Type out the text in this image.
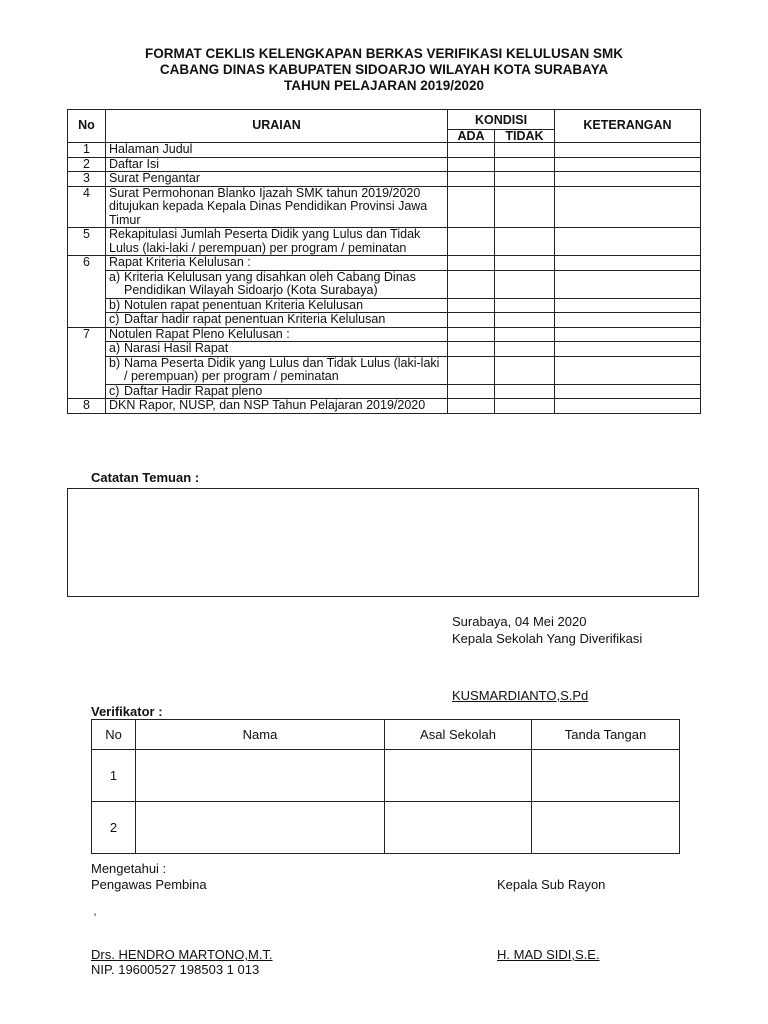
FORMAT CEKLIS KELENGKAPAN BERKAS VERIFIKASI KELULUSAN SMK
CABANG DINAS KABUPATEN SIDOARJO WILAYAH KOTA SURABAYA
TAHUN PELAJARAN 2019/2020
No	URAIAN	KONDISI		KETERANGAN
		ADA	TIDAK	
1	Halaman Judul			
2	Daftar Isi			
3	Surat Pengantar			
4	Surat Permohonan Blanko Ijazah SMK tahun 2019/2020 ditujukan kepada Kepala Dinas Pendidikan Provinsi Jawa Timur			
5	Rekapitulasi Jumlah Peserta Didik yang Lulus dan Tidak Lulus (laki-laki / perempuan) per program / peminatan			
6	Rapat Kriteria Kelulusan :			

	a) Kriteria Kelulusan yang disahkan oleh Cabang Dinas Pendidikan Wilayah Sidoarjo (Kota Surabaya)			

	b) Notulen rapat penentuan Kriteria Kelulusan			

	c) Daftar hadir rapat penentuan Kriteria Kelulusan			

7	Notulen Rapat Pleno Kelulusan :			

	a) Narasi Hasil Rapat			

	b) Nama Peserta Didik yang Lulus dan Tidak Lulus (laki-laki / perempuan) per program / peminatan			

	c) Daftar Hadir Rapat pleno			

8	DKN Rapor, NUSP, dan NSP Tahun Pelajaran 2019/2020			
Catatan Temuan :
Surabaya, 04 Mei 2020
Kepala Sekolah Yang Diverifikasi
KUSMARDIANTO,S.Pd
Verifikator :
No	Nama	Asal Sekolah	Tanda Tangan
1			
2			
Mengetahui :
Pengawas Pembina	Kepala Sub Rayon
'
Drs. HENDRO MARTONO,M.T.
NIP. 19600527 198503 1 013
H. MAD SIDI,S.E.
